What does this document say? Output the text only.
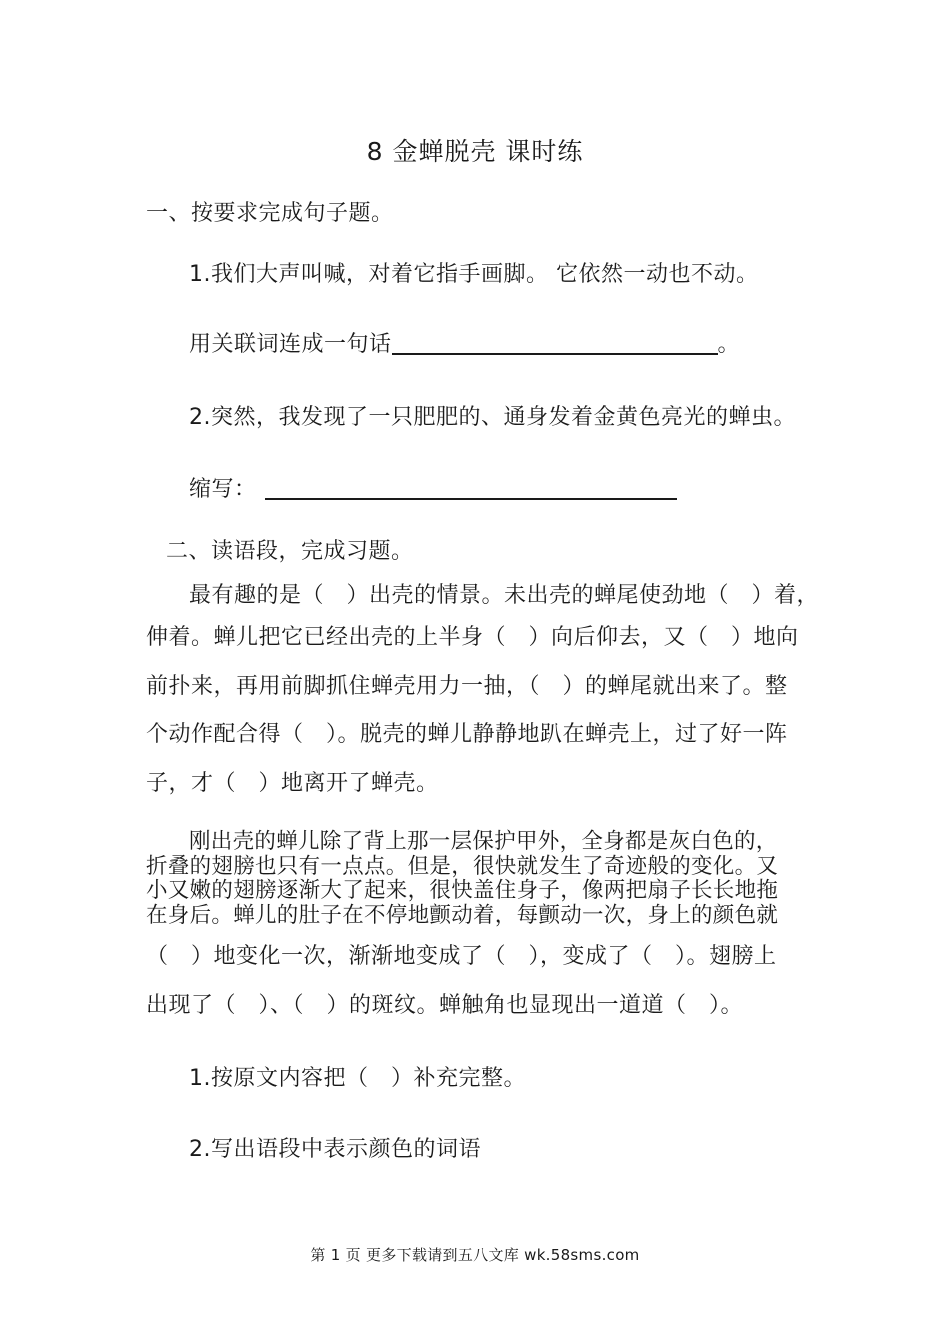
8 金蝉脱壳 课时练
一、按要求完成句子题。
1.我们大声叫喊，对着它指手画脚。 它依然一动也不动。
用关联词连成一句话	。
2.突然，我发现了一只肥肥的、通身发着金黄色亮光的蝉虫。
缩写：
二、读语段，完成习题。
最有趣的是（　）出壳的情景。未出壳的蝉尾使劲地（　）着，
伸着。蝉儿把它已经出壳的上半身（　）向后仰去，又（　）地向
前扑来，再用前脚抓住蝉壳用力一抽，（　）的蝉尾就出来了。整
个动作配合得（　）。脱壳的蝉儿静静地趴在蝉壳上，过了好一阵
子，才（　）地离开了蝉壳。
刚出壳的蝉儿除了背上那一层保护甲外，全身都是灰白色的，
折叠的翅膀也只有一点点。但是，很快就发生了奇迹般的变化。又
小又嫩的翅膀逐渐大了起来，很快盖住身子，像两把扇子长长地拖
在身后。蝉儿的肚子在不停地颤动着，每颤动一次，身上的颜色就
（　）地变化一次，渐渐地变成了（　），变成了（　）。翅膀上
出现了（　）、（　）的斑纹。蝉触角也显现出一道道（　）。
1.按原文内容把（　）补充完整。
2.写出语段中表示颜色的词语
第 1 页 更多下载请到五八文库 wk.58sms.com
